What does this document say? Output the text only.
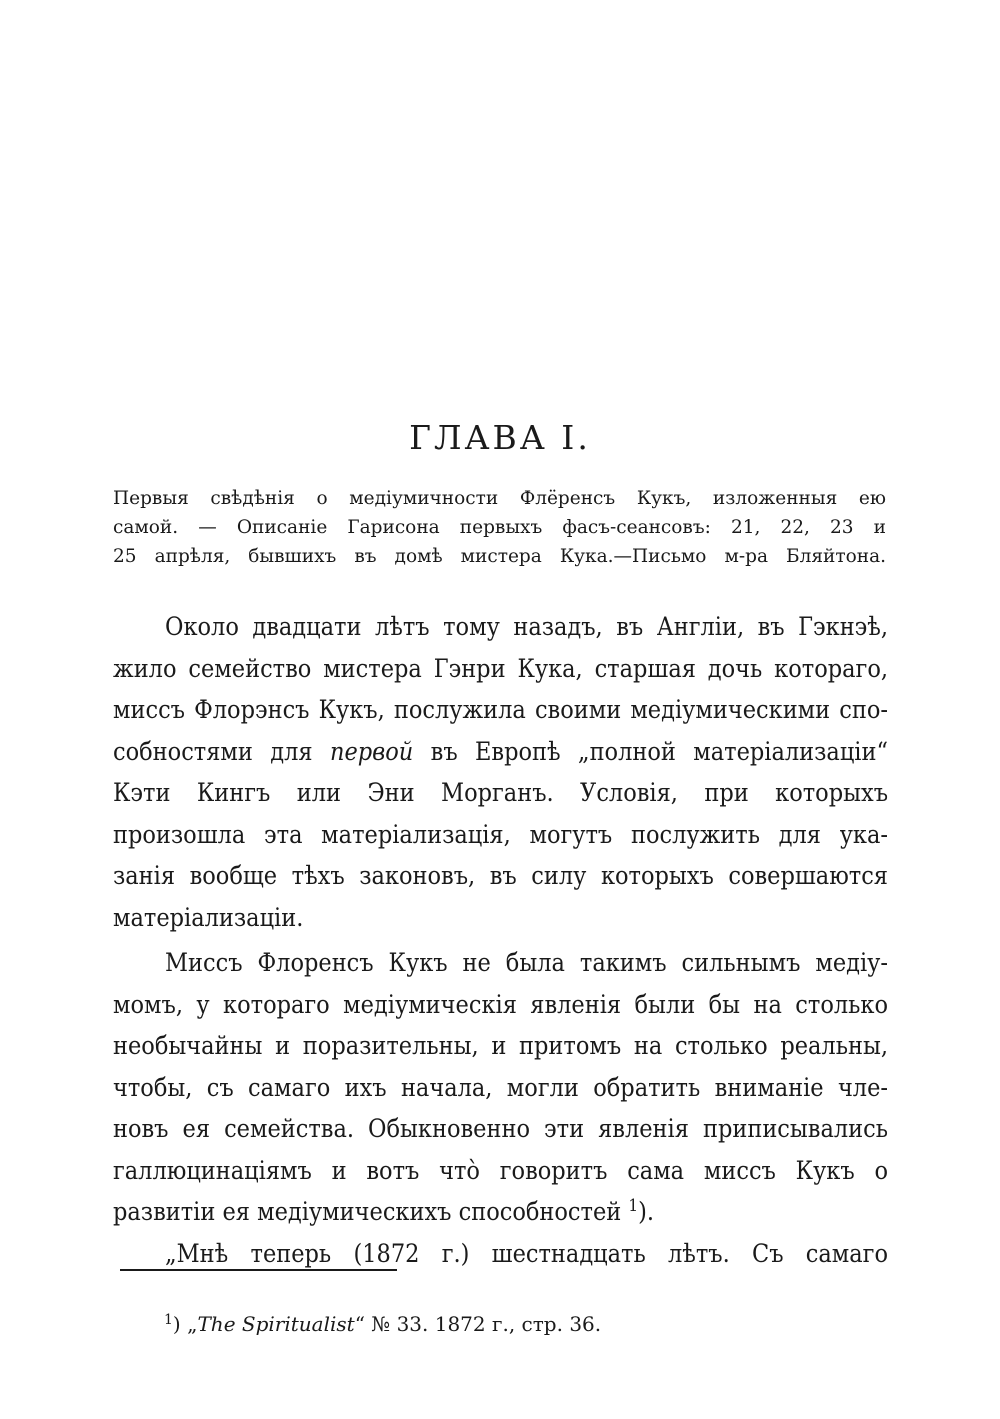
ГЛАВА I.
Первыя свѣдѣнія о медіумичности Флёренсъ Кукъ, изложенныя ею
самой. — Описаніе Гарисона первыхъ фасъ-сеансовъ: 21, 22, 23 и
25 апрѣля, бывшихъ въ домѣ мистера Кука.—Письмо м-ра Бляйтона.
Около двадцати лѣтъ тому назадъ, въ Англіи, въ Гэкнэѣ,
жило семейство мистера Гэнри Кука, старшая дочь котораго,
миссъ Флорэнсъ Кукъ, послужила своими медіумическими спо-
собностями для первой въ Европѣ „полной матеріализаціи“
Кэти Кингъ или Эни Морганъ. Условія, при которыхъ
произошла эта матеріализація, могутъ послужить для ука-
занія вообще тѣхъ законовъ, въ силу которыхъ совершаются
матеріализаціи.
Миссъ Флоренсъ Кукъ не была такимъ сильнымъ медіу-
момъ, у котораго медіумическія явленія были бы на столько
необычайны и поразительны, и притомъ на столько реальны,
чтобы, съ самаго ихъ начала, могли обратить вниманіе чле-
новъ ея семейства. Обыкновенно эти явленія приписывались
галлюцинаціямъ и вотъ что̀ говоритъ сама миссъ Кукъ о
развитіи ея медіумическихъ способностей $^1$).
„Мнѣ теперь (1872 г.) шестнадцать лѣтъ. Съ самаго
$^1$) „The Spiritualist“ № 33. 1872 г., стр. 36.
